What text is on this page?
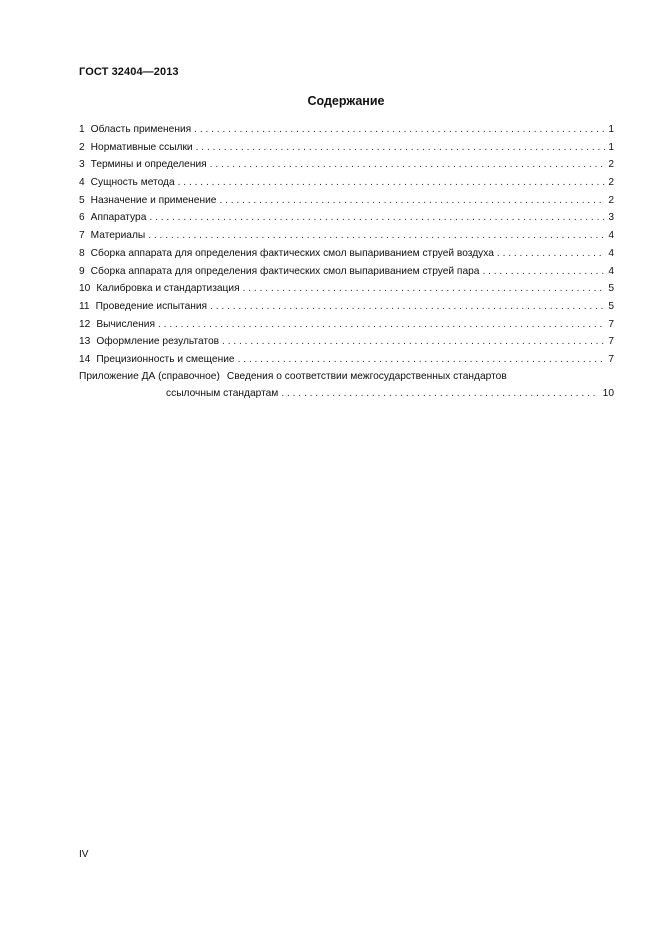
ГОСТ 32404—2013
Содержание
1 Область применения . . .	1
2 Нормативные ссылки . . .	1
3 Термины и определения . . .	2
4 Сущность метода . . .	2
5 Назначение и применение . . .	2
6 Аппаратура . . .	3
7 Материалы . . .	4
8 Сборка аппарата для определения фактических смол выпариванием струей воздуха . . .	4
9 Сборка аппарата для определения фактических смол выпариванием струей пара . . .	4
10 Калибровка и стандартизация . . .	5
11 Проведение испытания . . .	5
12 Вычисления . . .	7
13 Оформление результатов . . .	7
14 Прецизионность и смещение . . .	7
Приложение ДА (справочное) Сведения о соответствии межгосударственных стандартов
ссылочным стандартам . . .	10
IV
